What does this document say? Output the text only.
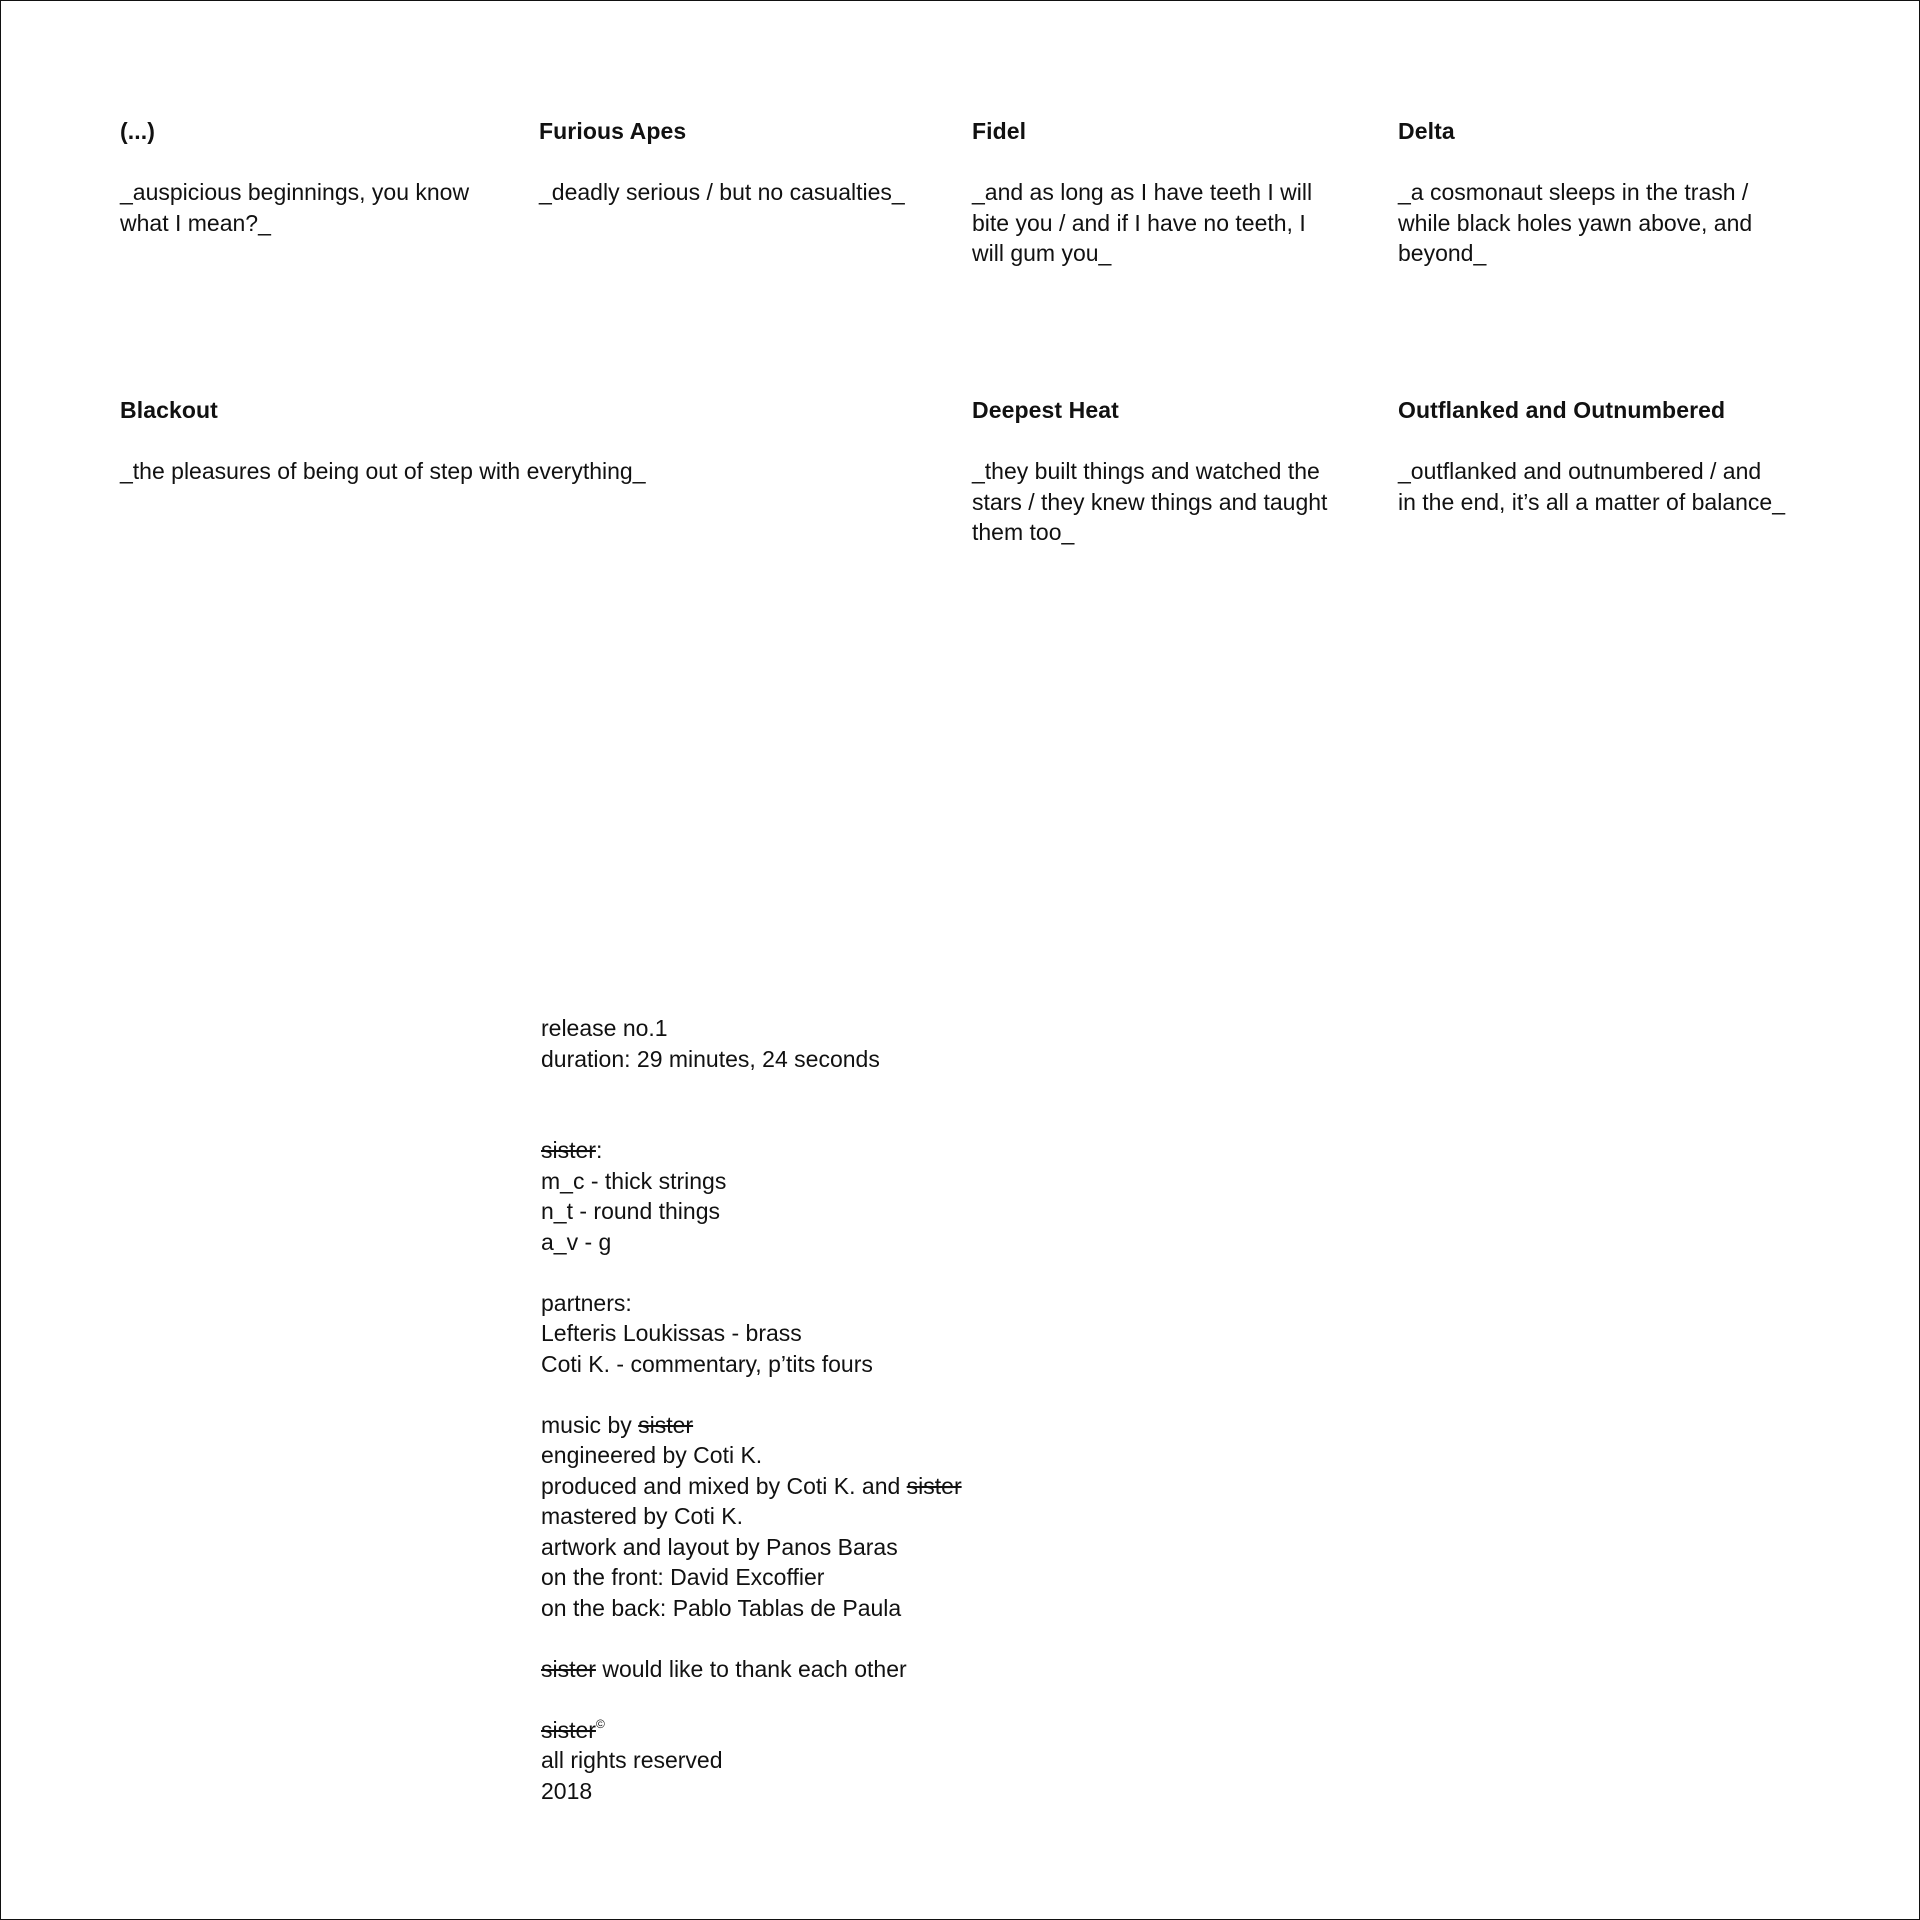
(...)
_auspicious beginnings, you know
what I mean?_
Furious Apes
_deadly serious / but no casualties_
Fidel
_and as long as I have teeth I will
bite you / and if I have no teeth, I
will gum you_
Delta
_a cosmonaut sleeps in the trash /
while black holes yawn above, and
beyond_
Blackout
_the pleasures of being out of step with everything_
Deepest Heat
_they built things and watched the
stars / they knew things and taught
them too_
Outflanked and Outnumbered
_outflanked and outnumbered / and
in the end, it’s all a matter of balance_
release no.1
duration: 29 minutes, 24 seconds
sister:
m_c - thick strings
n_t - round things
a_v - g
partners:
Lefteris Loukissas - brass
Coti K. - commentary, p’tits fours
music by sister
engineered by Coti K.
produced and mixed by Coti K. and sister
mastered by Coti K.
artwork and layout by Panos Baras
on the front: David Excoffier
on the back: Pablo Tablas de Paula
sister would like to thank each other
sister©
all rights reserved
2018
